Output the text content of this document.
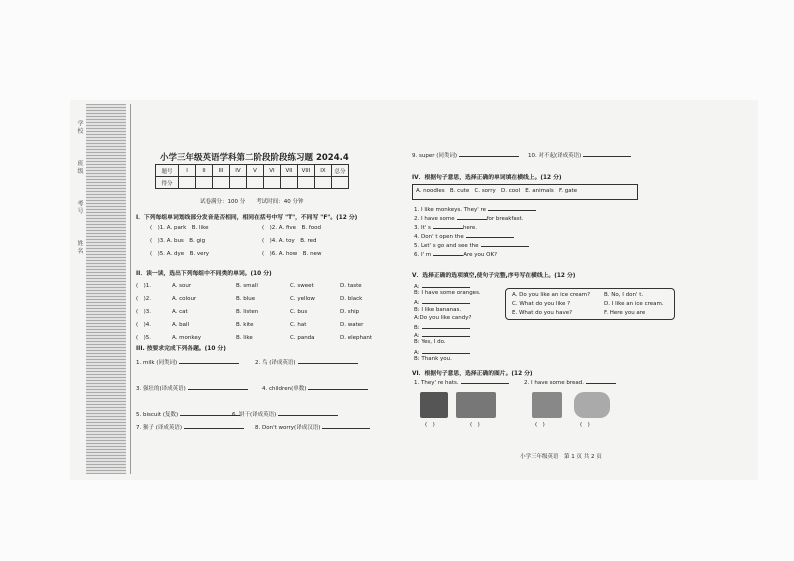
学 校
班 级
考 号
姓 名
小学三年级英语学科第二阶段阶段练习题 2024.4
题号	I	II	III	IV	V	VI	VII	VIII	IX	总分
得分										
试卷满分：100 分　　考试时间：40 分钟
I．下列每组单词划线部分发音是否相同，相同在括号中写 "T"，不同写 "F"。(12 分)
(　)1. A. park　B. like	(　)2. A. five　B. food
(　)3. A. bus　B. gig	(　)4. A. toy　B. red
(　)5. A. dye　B. very	(　)6. A. how　B. new
II．读一读，选出下列每组中不同类的单词。(10 分)
(　)1.	A. sour	B. small	C. sweet	D. taste
(　)2.	A. colour	B. blue	C. yellow	D. black
(　)3.	A. cat	B. listen	C. bus	D. ship
(　)4.	A. ball	B. kite	C. hat	D. water
(　)5.	A. monkey	B. like	C. panda	D. elephant
III. 按要求完成下列各题。(10 分)
1. milk (同类词)	2. 鸟 (译成英语)
3. 强壮的(译成英语)	4. children(单数)
5. biscuit (复数)	6. 饼干(译成英语)
7. 猴子 (译成英语)	8. Don't worry(译成汉语)
9. super (同类词)	10. 对不起(译成英语)
IV．根据句子意思，选择正确的单词填在横线上。(12 分)
A. noodles B. cute C. sorry D. cool E. animals F. gate
1. I like monkeys. They' re
2. I have some	for breakfast.
3. It' s	here.
4. Don' t open the
5. Let' s go and see the
6. I' m	Are you OK?
V．选择正确的选项填空,使句子完整,序号写在横线上。(12 分)
A:
B: I have some oranges.
A:
B: I like bananas.
A:Do you like candy?
B:
A:
B: Yes, I do.
A:
B: Thank you.
A. Do you like an ice cream?	B. No, I don' t.
C. What do you like ?	D. I like an ice cream.
E. What do you have?	F. Here you are
VI．根据句子意思，选择正确的图片。(12 分)
1. They' re hats.	2. I have some bread.
(　)	(　)	(　)	(　)
小学三年级英语　第 1 页 共 2 页
